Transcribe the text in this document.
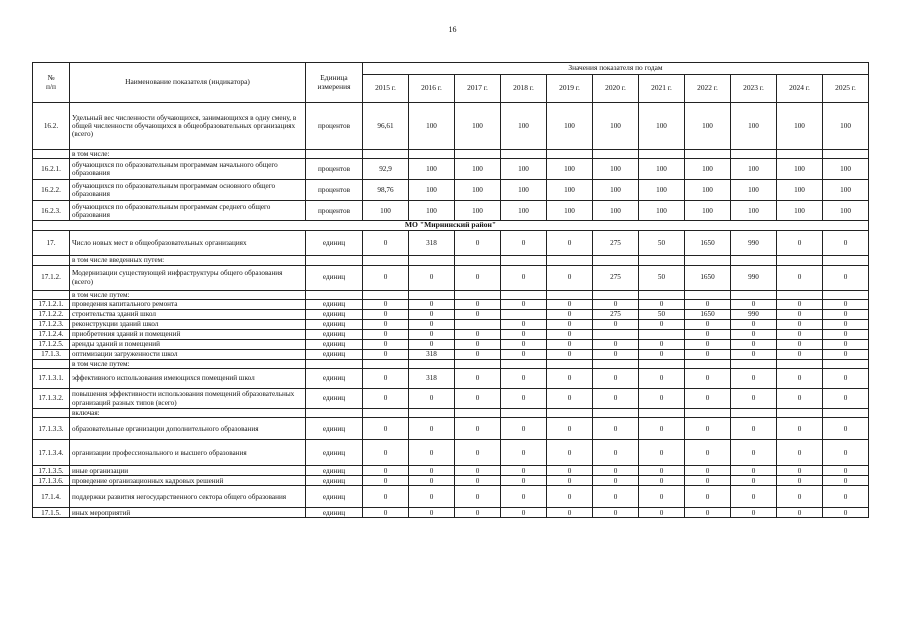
16
№
п/п	Наименование показателя (индикатора)	Единица
измерения	Значения показателя по годам										
			2015 г.	2016 г.	2017 г.	2018 г.	2019 г.	2020 г.	2021 г.	2022 г.	2023 г.	2024 г.	2025 г.
16.2.	Удельный вес численности обучающихся, занимающихся в одну смену, в общей численности обучающихся в общеобразовательных организациях (всего)	процентов	96,61	100	100	100	100	100	100	100	100	100	100
	в том числе:												
16.2.1.	обучающихся по образовательным программам начального общего образования	процентов	92,9	100	100	100	100	100	100	100	100	100	100
16.2.2.	обучающихся по образовательным программам основного общего образования	процентов	98,76	100	100	100	100	100	100	100	100	100	100
16.2.3.	обучающихся по образовательным программам среднего общего образования	процентов	100	100	100	100	100	100	100	100	100	100	100
МО "Мирнинский район"													
17.	Число новых мест в общеобразовательных организациях	единиц	0	318	0	0	0	275	50	1650	990	0	0
	в том числе введенных путем:												
17.1.2.	Модернизации существующей инфраструктуры общего образования (всего)	единиц	0	0	0	0	0	275	50	1650	990	0	0
	в том числе путем:												
17.1.2.1.	проведения капитального ремонта	единиц	0	0	0	0	0	0	0	0	0	0	0
17.1.2.2.	строительства зданий школ	единиц	0	0	0		0	275	50	1650	990	0	0
17.1.2.3.	реконструкции зданий школ	единиц	0	0		0	0	0	0	0	0	0	0
17.1.2.4.	приобретения зданий и помещений	единиц	0	0	0	0	0			0	0	0	0
17.1.2.5.	аренды зданий и помещений	единиц	0	0	0	0	0	0	0	0	0	0	0
17.1.3.	оптимизации загруженности школ	единиц	0	318	0	0	0	0	0	0	0	0	0
	в том числе путем:												
17.1.3.1.	эффективного использования имеющихся помещений школ	единиц	0	318	0	0	0	0	0	0	0	0	0
17.1.3.2.	повышения эффективности использования помещений образовательных организаций разных типов (всего)	единиц	0	0	0	0	0	0	0	0	0	0	0
	включая:												
17.1.3.3.	образовательные организации дополнительного образования	единиц	0	0	0	0	0	0	0	0	0	0	0
17.1.3.4.	организации профессионального и высшего образования	единиц	0	0	0	0	0	0	0	0	0	0	0
17.1.3.5.	иные организации	единиц	0	0	0	0	0	0	0	0	0	0	0
17.1.3.6.	проведение организационных кадровых решений	единиц	0	0	0	0	0	0	0	0	0	0	0
17.1.4.	поддержки развития негосударственного сектора общего образования	единиц	0	0	0	0	0	0	0	0	0	0	0
17.1.5.	иных мероприятий	единиц	0	0	0	0	0	0	0	0	0	0	0
